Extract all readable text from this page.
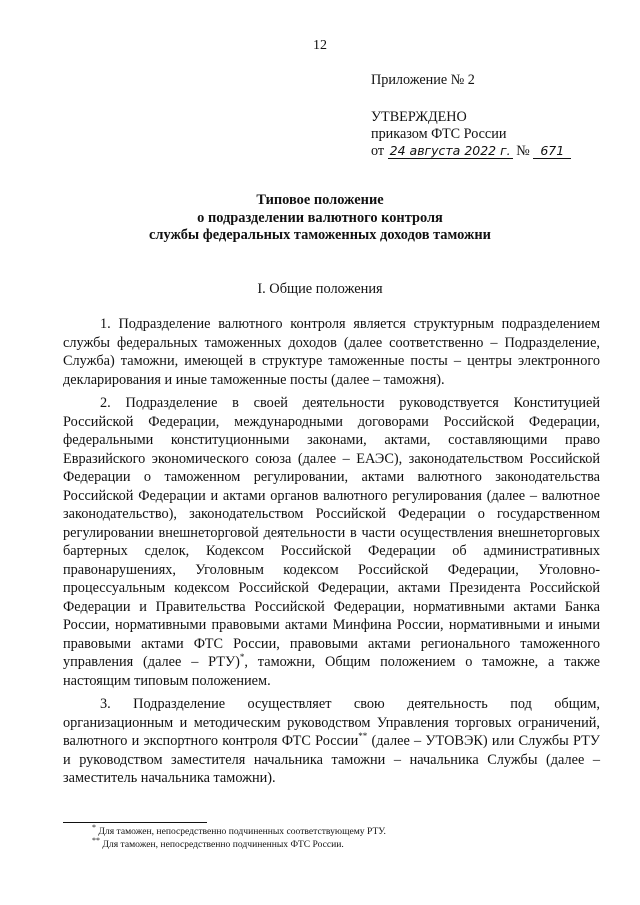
12
Приложение № 2
УТВЕРЖДЕНО
приказом ФТС России
от 24 августа 2022 г. № 671
Типовое положение
о подразделении валютного контроля
службы федеральных таможенных доходов таможни
I. Общие положения

1. Подразделение валютного контроля является структурным подразделением службы федеральных таможенных доходов (далее соответственно – Подразделение, Служба) таможни, имеющей в структуре таможенные посты – центры электронного декларирования и иные таможенные посты (далее – таможня).

2. Подразделение в своей деятельности руководствуется Конституцией Российской Федерации, международными договорами Российской Федерации, федеральными конституционными законами, актами, составляющими право Евразийского экономического союза (далее – ЕАЭС), законодательством Российской Федерации о таможенном регулировании, актами валютного законодательства Российской Федерации и актами органов валютного регулирования (далее – валютное законодательство), законодательством Российской Федерации о государственном регулировании внешнеторговой деятельности в части осуществления внешнеторговых бартерных сделок, Кодексом Российской Федерации об административных правонарушениях, Уголовным кодексом Российской Федерации, Уголовно-процессуальным кодексом Российской Федерации, актами Президента Российской Федерации и Правительства Российской Федерации, нормативными актами Банка России, нормативными правовыми актами Минфина России, нормативными и иными правовыми актами ФТС России, правовыми актами регионального таможенного управления (далее – РТУ)*, таможни, Общим положением о таможне, а также настоящим типовым положением.

3. Подразделение осуществляет свою деятельность под общим, организационным и методическим руководством Управления торговых ограничений, валютного и экспортного контроля ФТС России** (далее – УТОВЭК) или Службы РТУ и руководством заместителя начальника таможни – начальника Службы (далее – заместитель начальника таможни).

* Для таможен, непосредственно подчиненных соответствующему РТУ.
** Для таможен, непосредственно подчиненных ФТС России.
